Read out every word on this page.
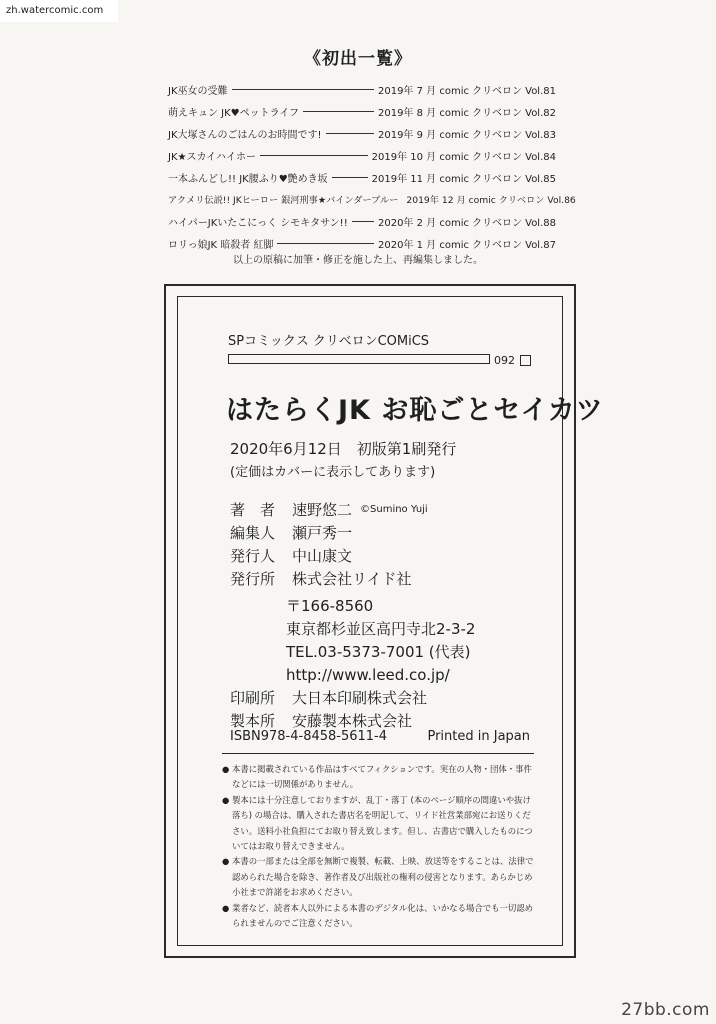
zh.watercomic.com
《初出一覧》
JK巫女の受難	2019年 7 月 comic クリベロン Vol.81
萌えキュン JK♥ペットライフ	2019年 8 月 comic クリベロン Vol.82
JK大塚さんのごはんのお時間です!	2019年 9 月 comic クリベロン Vol.83
JK★スカイハイホー	2019年 10 月 comic クリベロン Vol.84
一本ふんどし!! JK腰ふり♥艶めき坂	2019年 11 月 comic クリベロン Vol.85
アクメリ伝説!! JKヒーロー 銀河刑事★バインダーブルー 2019年 12 月 comic クリベロン Vol.86
ハイパーJKいたこにっく シモキタサン!!	2020年 2 月 comic クリベロン Vol.88
ロリっ娘JK 暗殺者 紅脚	2020年 1 月 comic クリベロン Vol.87
以上の原稿に加筆・修正を施した上、再編集しました。
SPコミックス クリベロンCOMiCS
092
はたらくJK お恥ごとセイカツ
2020年6月12日　初版第1刷発行
(定価はカバーに表示してあります)
著　者	速野悠二 ©Sumino Yuji
編集人	瀬戸秀一
発行人	中山康文
発行所	株式会社リイド社
〒166-8560
東京都杉並区高円寺北2-3-2
TEL.03-5373-7001 (代表)
http://www.leed.co.jp/
印刷所	大日本印刷株式会社
製本所	安藤製本株式会社
ISBN978-4-8458-5611-4	Printed in Japan
● 本書に掲載されている作品はすべてフィクションです。実在の人物・団体・事件などには一切関係がありません。
● 製本には十分注意しておりますが、乱丁・落丁 (本のページ順序の間違いや抜け落ち) の場合は、購入された書店名を明記して、リイド社営業部宛にお送りください。送料小社負担にてお取り替え致します。但し、古書店で購入したものについてはお取り替えできません。
● 本書の一部または全部を無断で複製、転載、上映、放送等をすることは、法律で認められた場合を除き、著作者及び出版社の権利の侵害となります。あらかじめ小社まで許諾をお求めください。
● 業者など、読者本人以外による本書のデジタル化は、いかなる場合でも一切認められませんのでご注意ください。
27bb.com
